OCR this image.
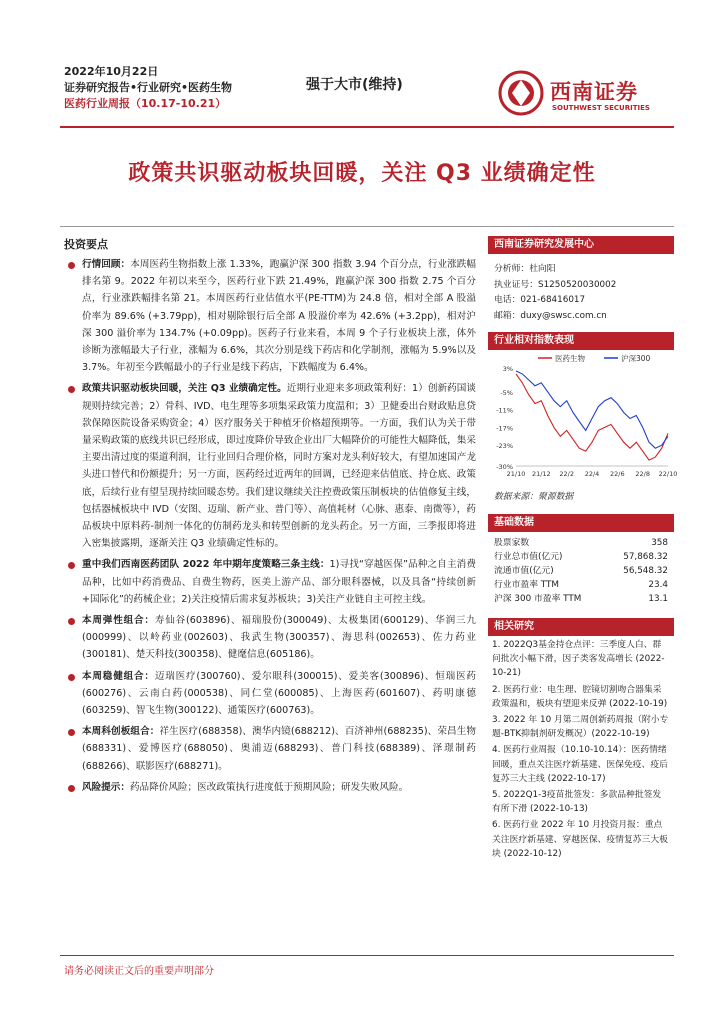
2022年10月22日
证券研究报告•行业研究•医药生物
医药行业周报（10.17-10.21）
强于大市(维持)	西南证券
SOUTHWEST SECURITIES
政策共识驱动板块回暖，关注 Q3 业绩确定性
投资要点
行情回顾：本周医药生物指数上涨 1.33%，跑赢沪深 300 指数 3.94 个百分点，行业涨跌幅排名第 9。2022 年初以来至今，医药行业下跌 21.49%，跑赢沪深 300 指数 2.75 个百分点，行业涨跌幅排名第 21。本周医药行业估值水平(PE-TTM)为 24.8 倍，相对全部 A 股溢价率为 89.6% (+3.79pp)，相对剔除银行后全部 A 股溢价率为 42.6% (+3.2pp)，相对沪深 300 溢价率为 134.7% (+0.09pp)。医药子行业来看，本周 9 个子行业板块上涨，体外诊断为涨幅最大子行业，涨幅为 6.6%，其次分别是线下药店和化学制剂，涨幅为 5.9%以及 3.7%。年初至今跌幅最小的子行业是线下药店，下跌幅度为 6.4%。
政策共识驱动板块回暖，关注 Q3 业绩确定性。近期行业迎来多项政策利好：1）创新药国谈规则持续完善；2）骨科、IVD、电生理等多项集采政策力度温和；3）卫健委出台财政贴息贷款保障医院设备采购资金；4）医疗服务关于种植牙价格超预期等。一方面，我们认为关于带量采购政策的底线共识已经形成，即过度降价导致企业出厂大幅降价的可能性大幅降低，集采主要出清过度的渠道利润，让行业回归合理价格，同时方案对龙头利好较大，有望加速国产龙头进口替代和份额提升；另一方面，医药经过近两年的回调，已经迎来估值底、持仓底、政策底，后续行业有望呈现持续回暖态势。我们建议继续关注控费政策压制板块的估值修复主线，包括器械板块中 IVD（安图、迈瑞、新产业、普门等）、高值耗材（心脉、惠泰、南微等），药品板块中原料药-制剂一体化的仿制药龙头和转型创新的龙头药企。另一方面，三季报即将进入密集披露期，逐渐关注 Q3 业绩确定性标的。
重中我们西南医药团队 2022 年中期年度策略三条主线：1)寻找“穿越医保”品种之自主消费品种，比如中药消费品、自费生物药，医美上游产品、部分眼科器械，以及具备“持续创新+国际化”的药械企业；2)关注疫情后需求复苏板块；3)关注产业链自主可控主线。
本周弹性组合：寿仙谷(603896)、福瑞股份(300049)、太极集团(600129)、华润三九(000999)、以岭药业(002603)、我武生物(300357)、海思科(002653)、佐力药业(300181)、楚天科技(300358)、健麾信息(605186)。
本周稳健组合：迈瑞医疗(300760)、爱尔眼科(300015)、爱美客(300896)、恒瑞医药(600276)、云南白药(000538)、同仁堂(600085)、上海医药(601607)、药明康德(603259)、智飞生物(300122)、通策医疗(600763)。
本周科创板组合：祥生医疗(688358)、澳华内镜(688212)、百济神州(688235)、荣昌生物(688331)、爱博医疗(688050)、奥浦迈(688293)、普门科技(688389)、泽璟制药(688266)、联影医疗(688271)。
风险提示：药品降价风险；医改政策执行进度低于预期风险；研发失败风险。
西南证券研究发展中心
分析师：杜向阳
执业证号：S1250520030002
电话：021-68416017
邮箱：duxy@swsc.com.cn
行业相对指数表现
医药生物	沪深300
3%
-5%
-11%
-17%
-23%
-30%
21/10 21/12 22/2 22/4 22/6 22/8 22/10
数据来源：聚源数据
基础数据
股票家数	358
行业总市值(亿元)	57,868.32
流通市值(亿元)	56,548.32
行业市盈率 TTM	23.4
沪深 300 市盈率 TTM	13.1
相关研究
1. 2022Q3基金持仓点评：三季度人白、群问批次小幅下滑，因子类客发高增长 (2022-10-21)
2. 医药行业：电生理、腔镜切割吻合器集采政策温和，板块有望迎来反弹 (2022-10-19)
3. 2022 年 10 月第二周创新药周报（附小专题-BTK抑制剂研发概况）(2022-10-19)
4. 医药行业周报（10.10-10.14）：医药情绪回暖，重点关注医疗新基建、医保免疫、疫后复苏三大主线 (2022-10-17)
5. 2022Q1-3疫苗批签发：多款品种批签发有所下滑 (2022-10-13)
6. 医药行业 2022 年 10 月投资月报：重点关注医疗新基建、穿越医保、疫情复苏三大板块 (2022-10-12)
请务必阅读正文后的重要声明部分
